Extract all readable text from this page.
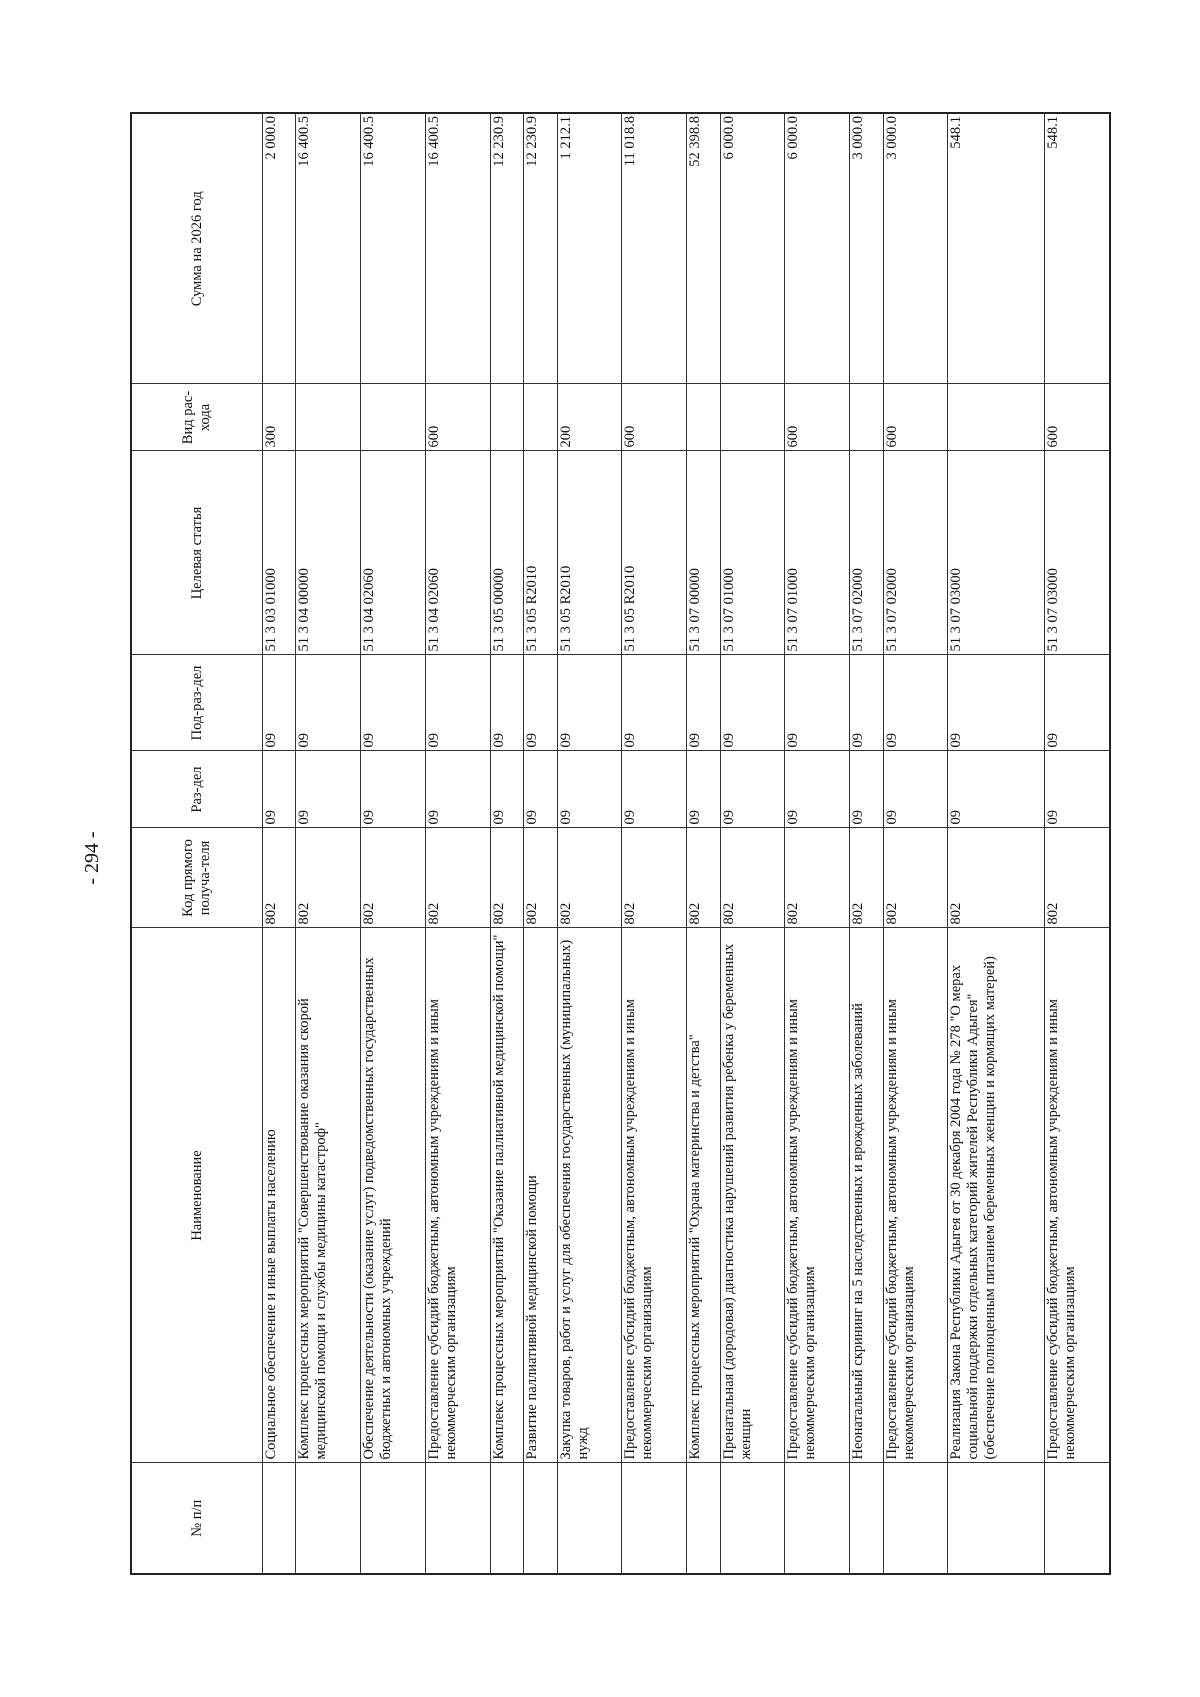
- 294 -
№ п/п	Наименование	Код прямого получа-теля	Раз-дел	Под-раз-дел	Целевая статья	Вид рас-хода	Сумма на 2026 год
	Социальное обеспечение и иные выплаты населению	802	09	09	51 3 03 01000	300	2 000.0
	Комплекс процессных мероприятий "Совершенствование оказания скорой медицинской помощи и службы медицины катастроф"	802	09	09	51 3 04 00000		16 400.5
	Обеспечение деятельности (оказание услуг) подведомственных государственных бюджетных и автономных учреждений	802	09	09	51 3 04 02060		16 400.5
	Предоставление субсидий бюджетным, автономным учреждениям и иным некоммерческим организациям	802	09	09	51 3 04 02060	600	16 400.5
	Комплекс процессных мероприятий "Оказание паллиативной медицинской помощи"	802	09	09	51 3 05 00000		12 230.9
	Развитие паллиативной медицинской помощи	802	09	09	51 3 05 R2010		12 230.9
	Закупка товаров, работ и услуг для обеспечения государственных (муниципальных) нужд	802	09	09	51 3 05 R2010	200	1 212.1
	Предоставление субсидий бюджетным, автономным учреждениям и иным некоммерческим организациям	802	09	09	51 3 05 R2010	600	11 018.8
	Комплекс процессных мероприятий "Охрана материнства и детства"	802	09	09	51 3 07 00000		52 398.8
	Пренатальная (дородовая) диагностика нарушений развития ребенка у беременных женщин	802	09	09	51 3 07 01000		6 000.0
	Предоставление субсидий бюджетным, автономным учреждениям и иным некоммерческим организациям	802	09	09	51 3 07 01000	600	6 000.0
	Неонатальный скрининг на 5 наследственных и врожденных заболеваний	802	09	09	51 3 07 02000		3 000.0
	Предоставление субсидий бюджетным, автономным учреждениям и иным некоммерческим организациям	802	09	09	51 3 07 02000	600	3 000.0
	Реализация Закона Республики Адыгея от 30 декабря 2004 года № 278 "О мерах социальной поддержки отдельных категорий жителей Республики Адыгея" (обеспечение полноценным питанием беременных женщин и кормящих матерей)	802	09	09	51 3 07 03000		548.1
	Предоставление субсидий бюджетным, автономным учреждениям и иным некоммерческим организациям	802	09	09	51 3 07 03000	600	548.1
